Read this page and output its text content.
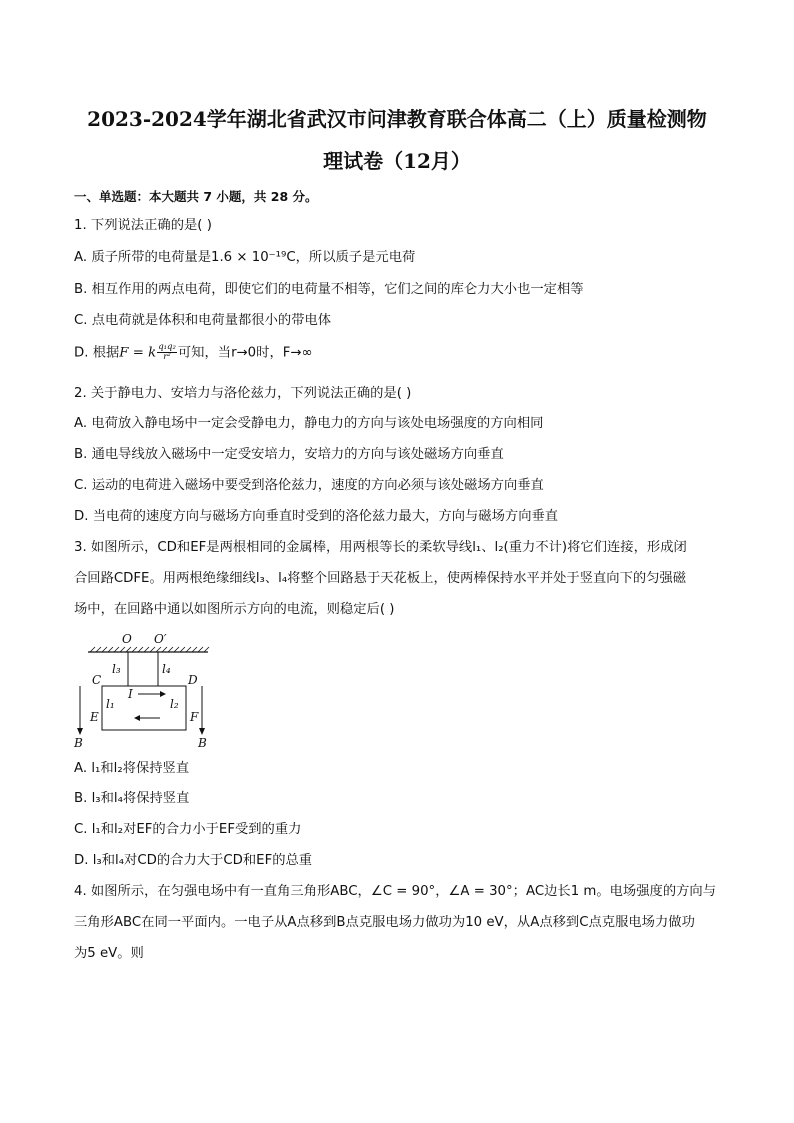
2023-2024学年湖北省武汉市问津教育联合体高二（上）质量检测物
理试卷（12月）
一、单选题：本大题共 7 小题，共 28 分。
1. 下列说法正确的是( )
A. 质子所带的电荷量是1.6 × 10⁻¹⁹C，所以质子是元电荷
B. 相互作用的两点电荷，即使它们的电荷量不相等，它们之间的库仑力大小也一定相等
C. 点电荷就是体积和电荷量都很小的带电体
D. 根据F = k $\frac{\text{q₁q₂}}{\text{r²}}$ 可知，当r→0时，F→∞
2. 关于静电力、安培力与洛伦兹力，下列说法正确的是( )
A. 电荷放入静电场中一定会受静电力，静电力的方向与该处电场强度的方向相同
B. 通电导线放入磁场中一定受安培力，安培力的方向与该处磁场方向垂直
C. 运动的电荷进入磁场中要受到洛伦兹力，速度的方向必须与该处磁场方向垂直
D. 当电荷的速度方向与磁场方向垂直时受到的洛伦兹力最大，方向与磁场方向垂直
3. 如图所示，CD和EF是两根相同的金属棒，用两根等长的柔软导线l₁、l₂(重力不计)将它们连接，形成闭
合回路CDFE。用两根绝缘细线l₃、l₄将整个回路悬于天花板上，使两棒保持水平并处于竖直向下的匀强磁
场中，在回路中通以如图所示方向的电流，则稳定后( )
O O′
l₃	l₄
C	D
E	F
I
l₁	l₂
B	B
A. l₁和l₂将保持竖直
B. l₃和l₄将保持竖直
C. l₁和l₂对EF的合力小于EF受到的重力
D. l₃和l₄对CD的合力大于CD和EF的总重
4. 如图所示，在匀强电场中有一直角三角形ABC，∠C = 90°，∠A = 30°；AC边长1 m。电场强度的方向与
三角形ABC在同一平面内。一电子从A点移到B点克服电场力做功为10 eV，从A点移到C点克服电场力做功
为5 eV。则
